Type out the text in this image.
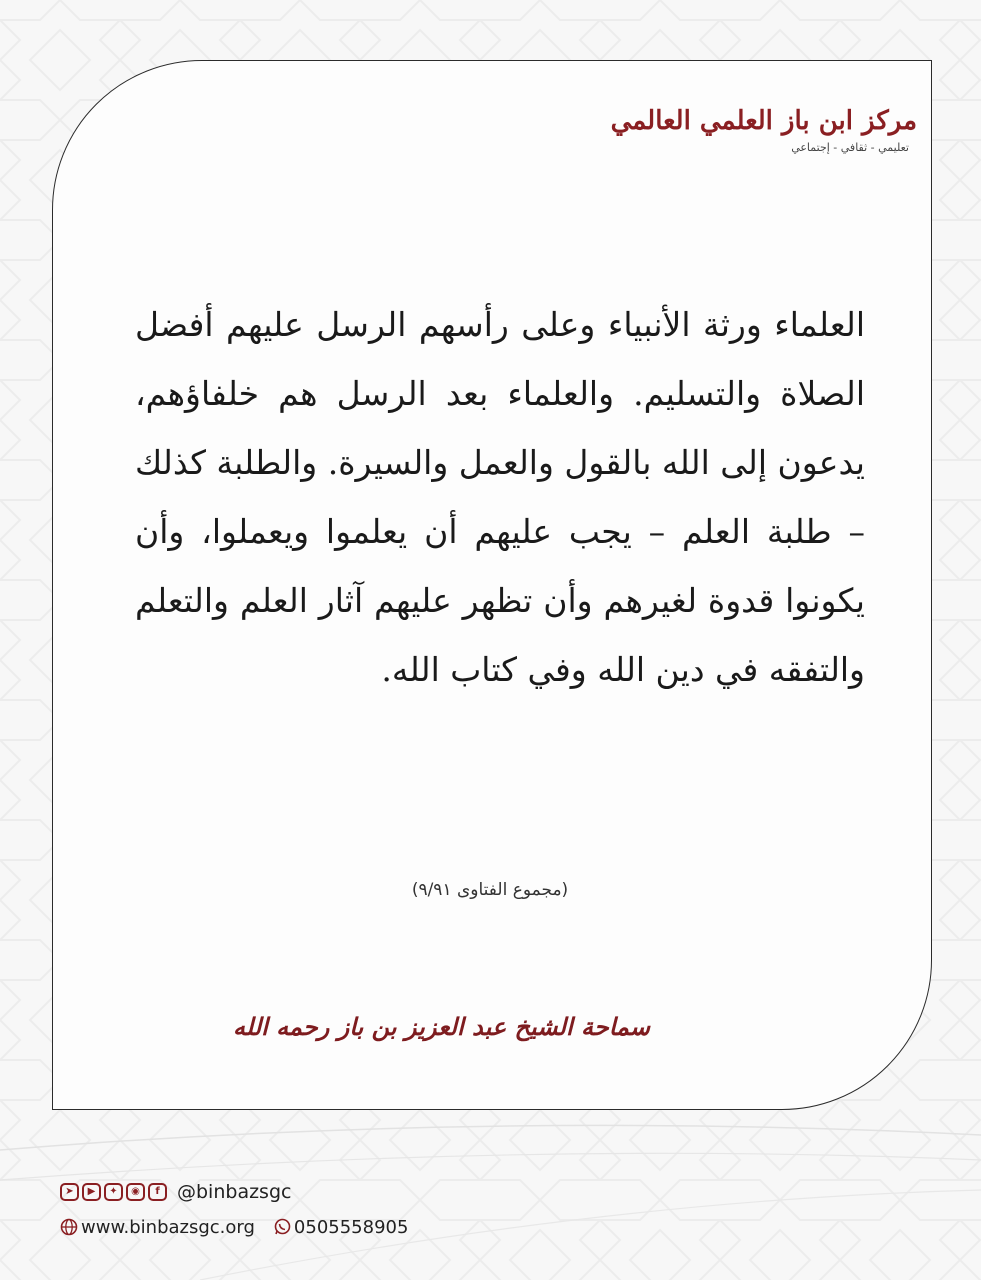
مركز ابن باز العلمي العالمي
تعليمي - ثقافي - إجتماعي
العلماء ورثة الأنبياء وعلى رأسهم الرسل عليهم أفضل الصلاة والتسليم. والعلماء بعد الرسل هم خلفاؤهم، يدعون إلى الله بالقول والعمل والسيرة. والطلبة كذلك – طلبة العلم – يجب عليهم أن يعلموا ويعملوا، وأن يكونوا قدوة لغيرهم وأن تظهر عليهم آثار العلم والتعلم والتفقه في دين الله وفي كتاب الله.
(مجموع الفتاوى ٩/٩١)
سماحة الشيخ عبد العزيز بن باز رحمه الله
➤	▶	✦	◉	f @binbazsgc
www.binbazsgc.org 0505558905
